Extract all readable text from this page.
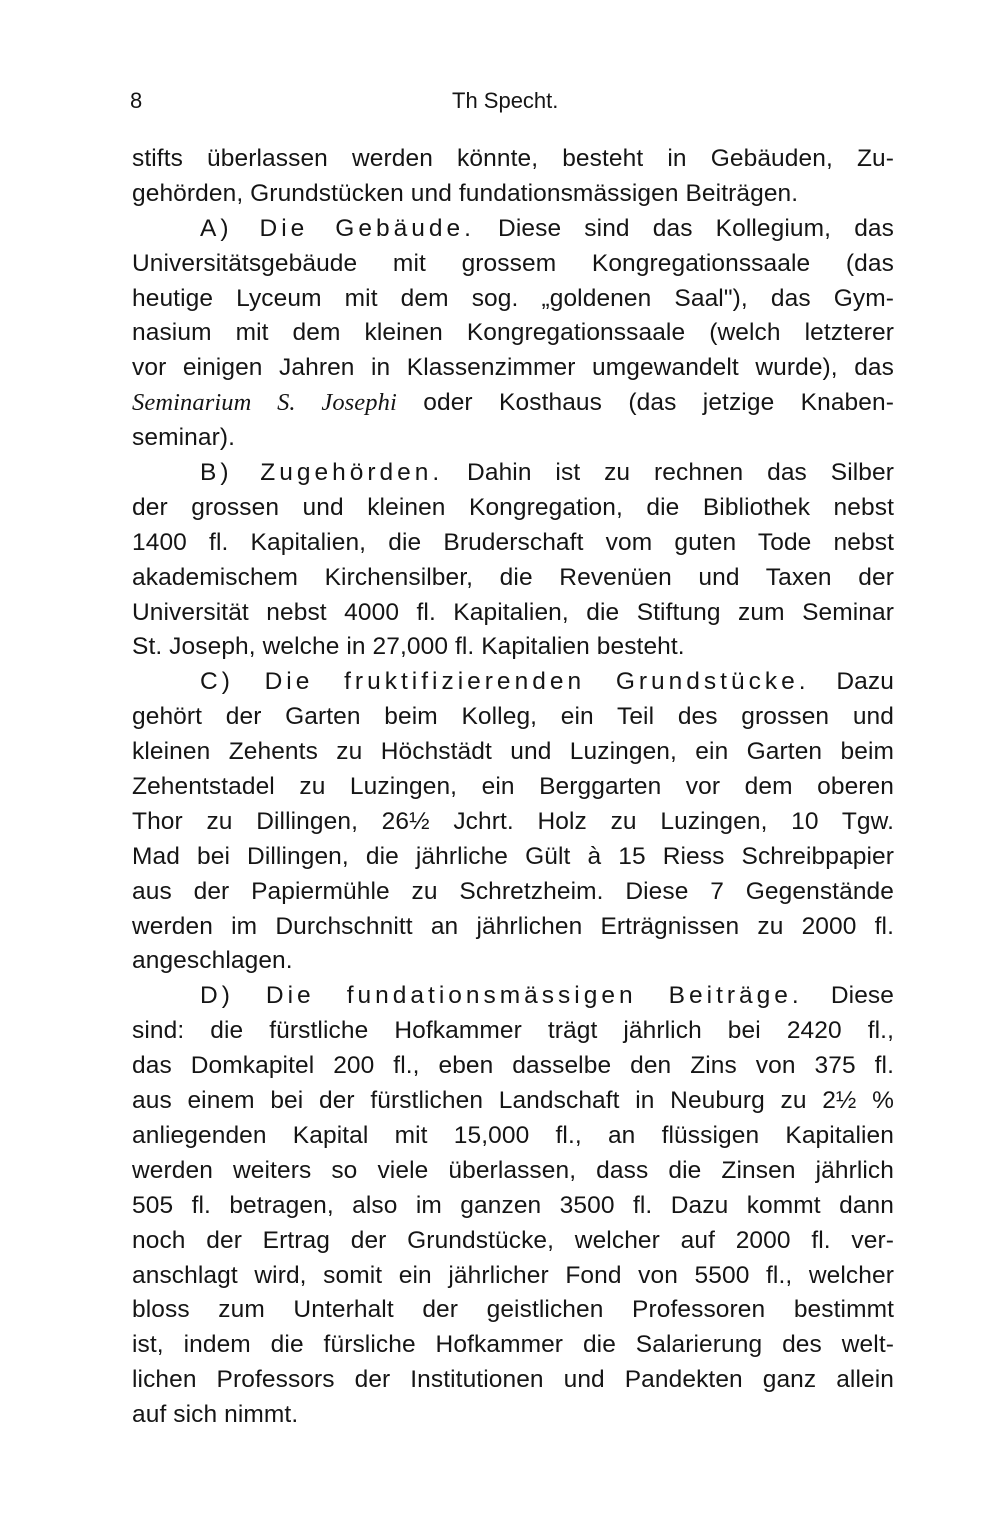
8	Th Specht.
stifts überlassen werden könnte, besteht in Gebäuden, Zu-
gehörden, Grundstücken und fundationsmässigen Beiträgen.
A) Die Gebäude. Diese sind das Kollegium, das
Universitätsgebäude mit grossem Kongregationssaale (das
heutige Lyceum mit dem sog. „goldenen Saal"), das Gym-
nasium mit dem kleinen Kongregationssaale (welch letzterer
vor einigen Jahren in Klassenzimmer umgewandelt wurde), das
Seminarium S. Josephi oder Kosthaus (das jetzige Knaben-
seminar).
B) Zugehörden. Dahin ist zu rechnen das Silber
der grossen und kleinen Kongregation, die Bibliothek nebst
1400 fl. Kapitalien, die Bruderschaft vom guten Tode nebst
akademischem Kirchensilber, die Revenüen und Taxen der
Universität nebst 4000 fl. Kapitalien, die Stiftung zum Seminar
St. Joseph, welche in 27,000 fl. Kapitalien besteht.
C) Die fruktifizierenden Grundstücke. Dazu
gehört der Garten beim Kolleg, ein Teil des grossen und
kleinen Zehents zu Höchstädt und Luzingen, ein Garten beim
Zehentstadel zu Luzingen, ein Berggarten vor dem oberen
Thor zu Dillingen, 26½ Jchrt. Holz zu Luzingen, 10 Tgw.
Mad bei Dillingen, die jährliche Gült à 15 Riess Schreibpapier
aus der Papiermühle zu Schretzheim. Diese 7 Gegenstände
werden im Durchschnitt an jährlichen Erträgnissen zu 2000 fl.
angeschlagen.
D) Die fundationsmässigen Beiträge. Diese
sind: die fürstliche Hofkammer trägt jährlich bei 2420 fl.,
das Domkapitel 200 fl., eben dasselbe den Zins von 375 fl.
aus einem bei der fürstlichen Landschaft in Neuburg zu 2½ %
anliegenden Kapital mit 15,000 fl., an flüssigen Kapitalien
werden weiters so viele überlassen, dass die Zinsen jährlich
505 fl. betragen, also im ganzen 3500 fl. Dazu kommt dann
noch der Ertrag der Grundstücke, welcher auf 2000 fl. ver-
anschlagt wird, somit ein jährlicher Fond von 5500 fl., welcher
bloss zum Unterhalt der geistlichen Professoren bestimmt
ist, indem die fürsliche Hofkammer die Salarierung des welt-
lichen Professors der Institutionen und Pandekten ganz allein
auf sich nimmt.
